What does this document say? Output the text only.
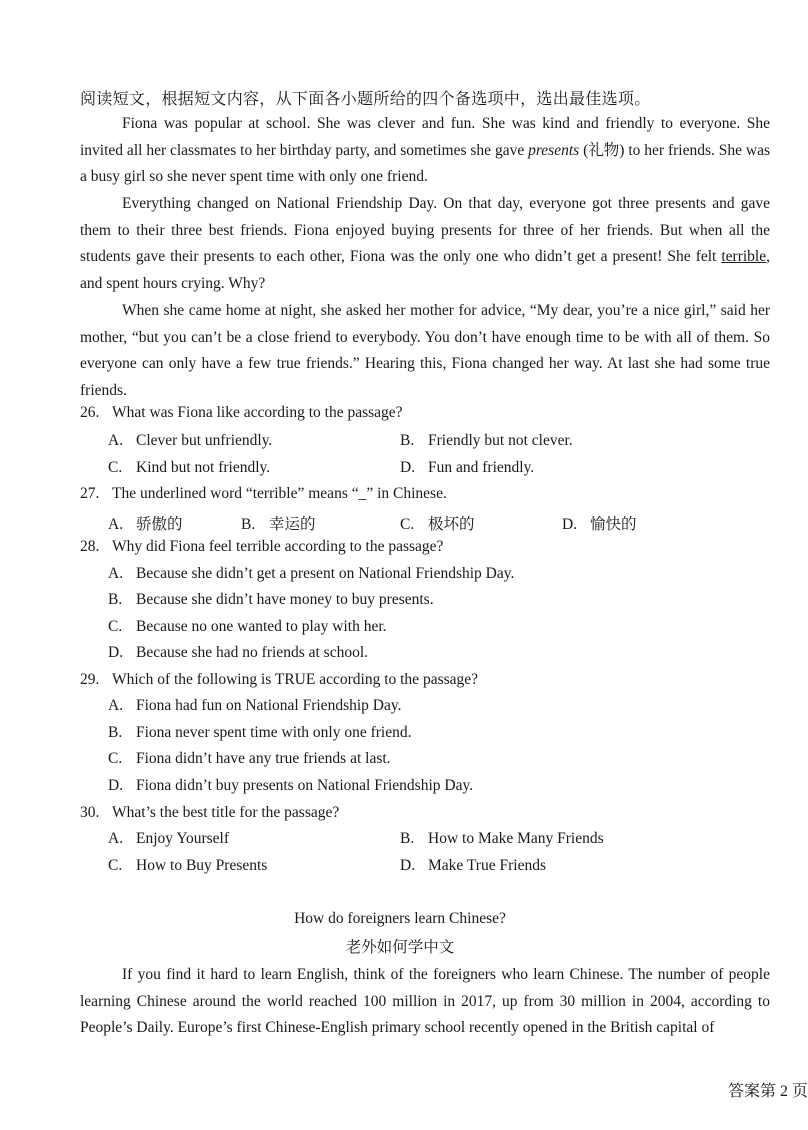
阅读短文，根据短文内容，从下面各小题所给的四个备选项中，选出最佳选项。
Fiona was popular at school. She was clever and fun. She was kind and friendly to everyone. She invited all her classmates to her birthday party, and sometimes she gave presents (礼物) to her friends. She was a busy girl so she never spent time with only one friend.
Everything changed on National Friendship Day. On that day, everyone got three presents and gave them to their three best friends. Fiona enjoyed buying presents for three of her friends. But when all the students gave their presents to each other, Fiona was the only one who didn’t get a present! She felt terrible, and spent hours crying. Why?
When she came home at night, she asked her mother for advice, “My dear, you’re a nice girl,” said her mother, “but you can’t be a close friend to everybody. You don’t have enough time to be with all of them. So everyone can only have a few true friends.” Hearing this, Fiona changed her way. At last she had some true friends.
26. What was Fiona like according to the passage?
A. Clever but unfriendly.	B. Friendly but not clever.
C. Kind but not friendly.	D. Fun and friendly.
27. The underlined word “terrible” means “_” in Chinese.
A. 骄傲的	B. 幸运的	C. 极坏的	D. 愉快的
28. Why did Fiona feel terrible according to the passage?
A. Because she didn’t get a present on National Friendship Day.
B. Because she didn’t have money to buy presents.
C. Because no one wanted to play with her.
D. Because she had no friends at school.
29. Which of the following is TRUE according to the passage?
A. Fiona had fun on National Friendship Day.
B. Fiona never spent time with only one friend.
C. Fiona didn’t have any true friends at last.
D. Fiona didn’t buy presents on National Friendship Day.
30. What’s the best title for the passage?
A. Enjoy Yourself	B. How to Make Many Friends
C. How to Buy Presents	D. Make True Friends
How do foreigners learn Chinese?
老外如何学中文
If you find it hard to learn English, think of the foreigners who learn Chinese. The number of people learning Chinese around the world reached 100 million in 2017, up from 30 million in 2004, according to People’s Daily. Europe’s first Chinese-English primary school recently opened in the British capital of
答案第 2 页
